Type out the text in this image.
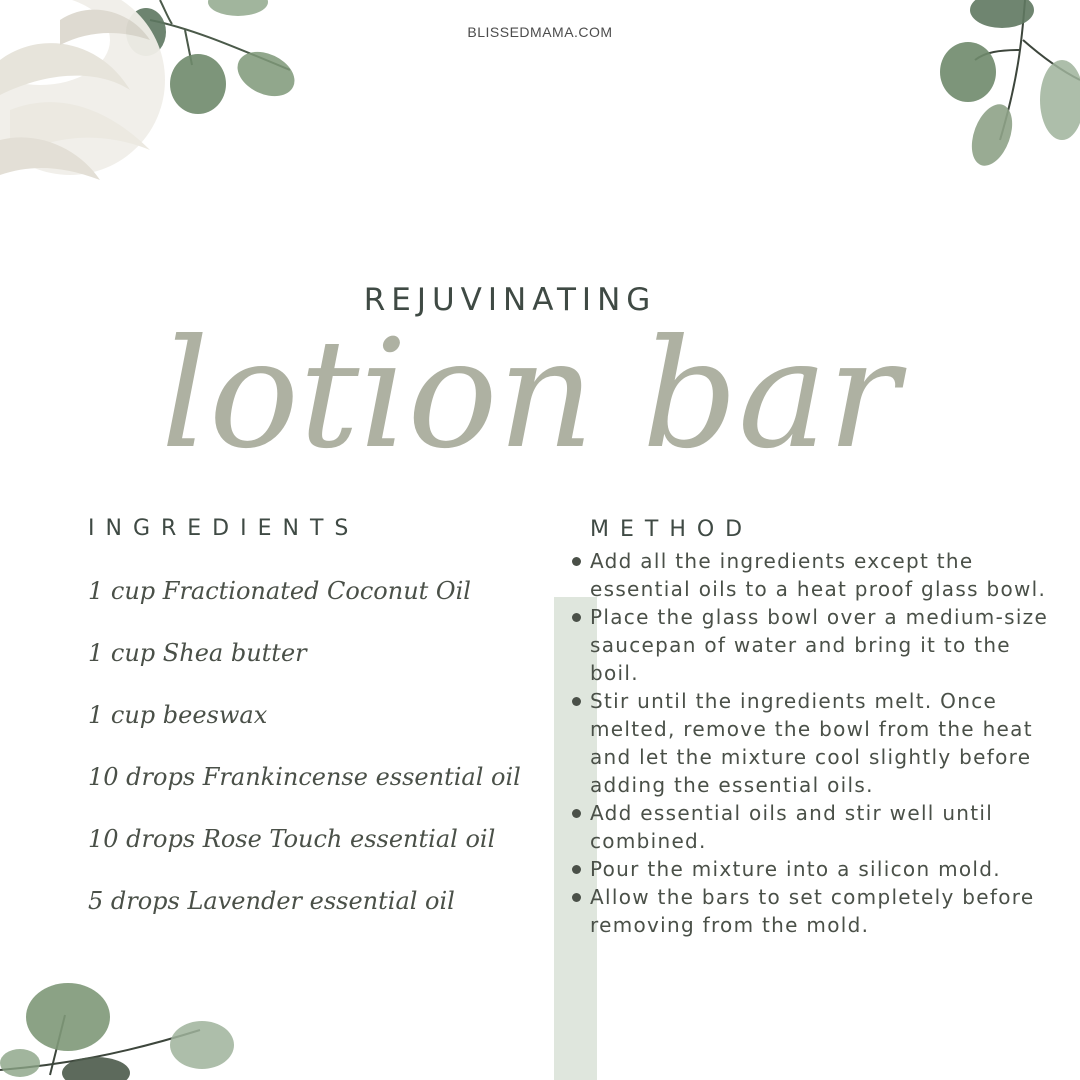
BLISSEDMAMA.COM
REJUVINATING
lotion bar
INGREDIENTS	METHOD
1 cup Fractionated Coconut Oil
1 cup Shea butter
1 cup beeswax
10 drops Frankincense essential oil
10 drops Rose Touch essential oil
5 drops Lavender essential oil
Add all the ingredients except the essential oils to a heat proof glass bowl.
Place the glass bowl over a medium-size saucepan of water and bring it to the boil.
Stir until the ingredients melt. Once melted, remove the bowl from the heat and let the mixture cool slightly before adding the essential oils.
Add essential oils and stir well until combined.
Pour the mixture into a silicon mold.
Allow the bars to set completely before removing from the mold.
